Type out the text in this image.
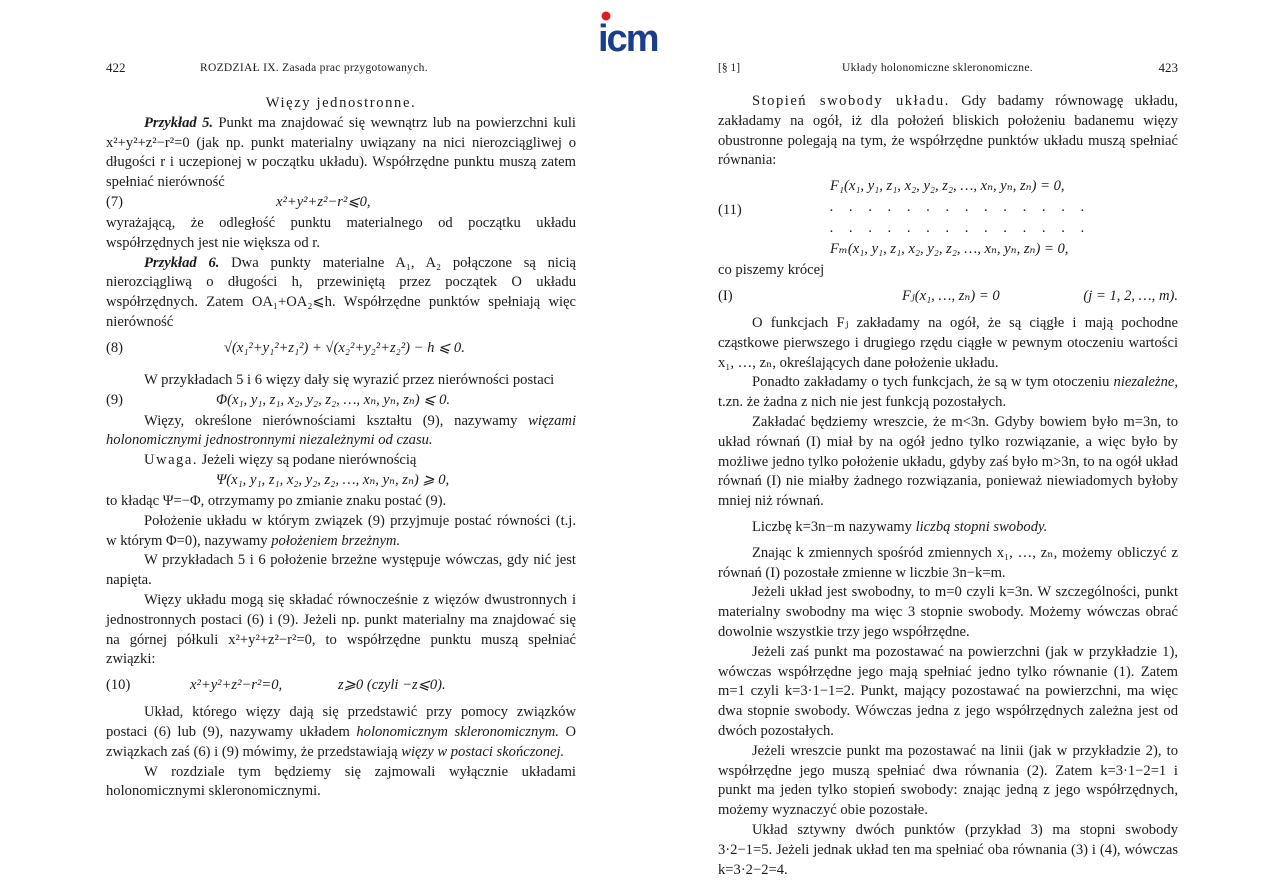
icm
422	ROZDZIAŁ IX. Zasada prac przygotowanych.

Więzy jednostronne.

Przykład 5. Punkt ma znajdować się wewnątrz lub na powierzchni kuli x²+y²+z²−r²=0 (jak np. punkt materialny uwiązany na nici nierozciągliwej o długości r i uczepionej w początku układu). Współrzędne punktu muszą zatem spełniać nierówność

(7)	x²+y²+z²−r²⩽0,

wyrażającą, że odległość punktu materialnego od początku układu współrzędnych jest nie większa od r.

Przykład 6. Dwa punkty materialne A₁, A₂ połączone są nicią nierozciągliwą o długości h, przewiniętą przez początek O układu współrzędnych. Zatem OA₁+OA₂⩽h. Współrzędne punktów spełniają więc nierówność

(8)	√(x₁²+y₁²+z₁²) + √(x₂²+y₂²+z₂²) − h ⩽ 0.

W przykładach 5 i 6 więzy dały się wyrazić przez nierówności postaci

(9)	Φ(x₁, y₁, z₁, x₂, y₂, z₂, …, xₙ, yₙ, zₙ) ⩽ 0.

Więzy, określone nierównościami kształtu (9), nazywamy więzami holonomicznymi jednostronnymi niezależnymi od czasu.

Uwaga. Jeżeli więzy są podane nierównością

Ψ(x₁, y₁, z₁, x₂, y₂, z₂, …, xₙ, yₙ, zₙ) ⩾ 0,

to kładąc Ψ=−Φ, otrzymamy po zmianie znaku postać (9).

Położenie układu w którym związek (9) przyjmuje postać równości (t.j. w którym Φ=0), nazywamy położeniem brzeżnym.

W przykładach 5 i 6 położenie brzeżne występuje wówczas, gdy nić jest napięta.

Więzy układu mogą się składać równocześnie z więzów dwustronnych i jednostronnych postaci (6) i (9). Jeżeli np. punkt materialny ma znajdować się na górnej półkuli x²+y²+z²−r²=0, to współrzędne punktu muszą spełniać związki:

(10)	x²+y²+z²−r²=0,	z⩾0 (czyli −z⩽0).

Układ, którego więzy dają się przedstawić przy pomocy związków postaci (6) lub (9), nazywamy układem holonomicznym skleronomicznym. O związkach zaś (6) i (9) mówimy, że przedstawiają więzy w postaci skończonej.

W rozdziale tym będziemy się zajmowali wyłącznie układami holonomicznymi skleronomicznymi.

[§ 1]	Układy holonomiczne skleronomiczne.	423

Stopień swobody układu. Gdy badamy równowagę układu, zakładamy na ogół, iż dla położeń bliskich położeniu badanemu więzy obustronne polegają na tym, że współrzędne punktów układu muszą spełniać równania:

F₁(x₁, y₁, z₁, x₂, y₂, z₂, …, xₙ, yₙ, zₙ) = 0,
(11)	. . . . . . . . . . . . . .
. . . . . . . . . . . . . .
Fₘ(x₁, y₁, z₁, x₂, y₂, z₂, …, xₙ, yₙ, zₙ) = 0,

co piszemy krócej

(I)	Fⱼ(x₁, …, zₙ) = 0	(j = 1, 2, …, m).

O funkcjach Fⱼ zakładamy na ogół, że są ciągłe i mają pochodne cząstkowe pierwszego i drugiego rzędu ciągłe w pewnym otoczeniu wartości x₁, …, zₙ, określających dane położenie układu.

Ponadto zakładamy o tych funkcjach, że są w tym otoczeniu niezależne, t.zn. że żadna z nich nie jest funkcją pozostałych.

Zakładać będziemy wreszcie, że m<3n. Gdyby bowiem było m=3n, to układ równań (I) miał by na ogół jedno tylko rozwiązanie, a więc było by możliwe jedno tylko położenie układu, gdyby zaś było m>3n, to na ogół układ równań (I) nie miałby żadnego rozwiązania, ponieważ niewiadomych byłoby mniej niż równań.

Liczbę k=3n−m nazywamy liczbą stopni swobody.

Znając k zmiennych spośród zmiennych x₁, …, zₙ, możemy obliczyć z równań (I) pozostałe zmienne w liczbie 3n−k=m.

Jeżeli układ jest swobodny, to m=0 czyli k=3n. W szczególności, punkt materialny swobodny ma więc 3 stopnie swobody. Możemy wówczas obrać dowolnie wszystkie trzy jego współrzędne.

Jeżeli zaś punkt ma pozostawać na powierzchni (jak w przykładzie 1), wówczas współrzędne jego mają spełniać jedno tylko równanie (1). Zatem m=1 czyli k=3·1−1=2. Punkt, mający pozostawać na powierzchni, ma więc dwa stopnie swobody. Wówczas jedna z jego współrzędnych zależna jest od dwóch pozostałych.

Jeżeli wreszcie punkt ma pozostawać na linii (jak w przykładzie 2), to współrzędne jego muszą spełniać dwa równania (2). Zatem k=3·1−2=1 i punkt ma jeden tylko stopień swobody: znając jedną z jego współrzędnych, możemy wyznaczyć obie pozostałe.

Układ sztywny dwóch punktów (przykład 3) ma stopni swobody 3·2−1=5. Jeżeli jednak układ ten ma spełniać oba równania (3) i (4), wówczas k=3·2−2=4.
